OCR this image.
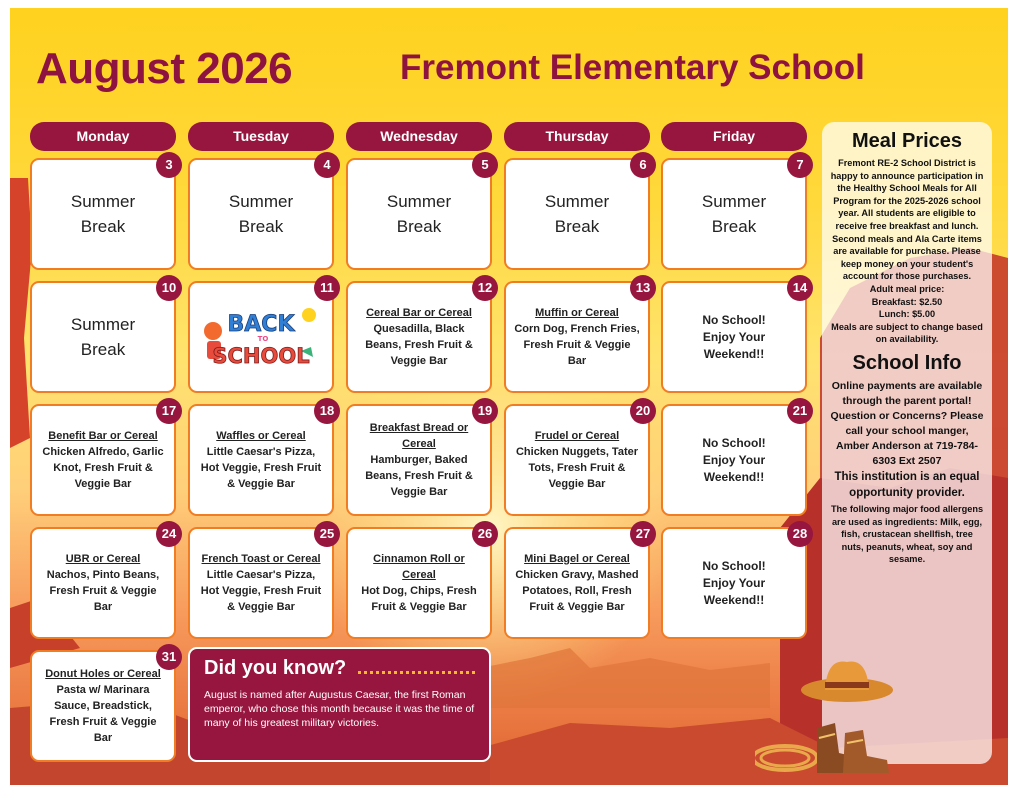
August 2026	Fremont Elementary School
Monday	Tuesday	Wednesday	Thursday	Friday
3
Summer
Break
4
Summer
Break
5
Summer
Break
6
Summer
Break
7
Summer
Break
10
Summer
Break
11
BACK
TO
SCHOOL
12
Cereal Bar or Cereal
Quesadilla, Black Beans, Fresh Fruit & Veggie Bar
13
Muffin or Cereal
Corn Dog, French Fries, Fresh Fruit & Veggie Bar
14
No School!
Enjoy Your Weekend!!
17
Benefit Bar or Cereal
Chicken Alfredo, Garlic Knot, Fresh Fruit & Veggie Bar
18
Waffles or Cereal
Little Caesar's Pizza, Hot Veggie, Fresh Fruit & Veggie Bar
19
Breakfast Bread or Cereal
Hamburger, Baked Beans, Fresh Fruit & Veggie Bar
20
Frudel or Cereal
Chicken Nuggets, Tater Tots, Fresh Fruit & Veggie Bar
21
No School!
Enjoy Your Weekend!!
24
UBR or Cereal
Nachos, Pinto Beans, Fresh Fruit & Veggie Bar
25
French Toast or Cereal
Little Caesar's Pizza, Hot Veggie, Fresh Fruit & Veggie Bar
26
Cinnamon Roll or Cereal
Hot Dog, Chips, Fresh Fruit & Veggie Bar
27
Mini Bagel or Cereal
Chicken Gravy, Mashed Potatoes, Roll, Fresh Fruit & Veggie Bar
28
No School!
Enjoy Your Weekend!!
31
Donut Holes or Cereal
Pasta w/ Marinara Sauce, Breadstick, Fresh Fruit & Veggie Bar
Did you know?
August is named after Augustus Caesar, the first Roman emperor, who chose this month because it was the time of many of his greatest military victories.
Meal Prices
Fremont RE-2 School District is happy to announce participation in the Healthy School Meals for All Program for the 2025-2026 school year. All students are eligible to receive free breakfast and lunch.
Second meals and Ala Carte items are available for purchase. Please keep money on your student's account for those purchases.
Adult meal price:
Breakfast: $2.50
Lunch: $5.00
Meals are subject to change based on availability.
School Info
Online payments are available through the parent portal!
Question or Concerns? Please call your school manger, Amber Anderson at 719-784-6303 Ext 2507
This institution is an equal opportunity provider.
The following major food allergens are used as ingredients: Milk, egg, fish, crustacean shellfish, tree nuts, peanuts, wheat, soy and sesame.
